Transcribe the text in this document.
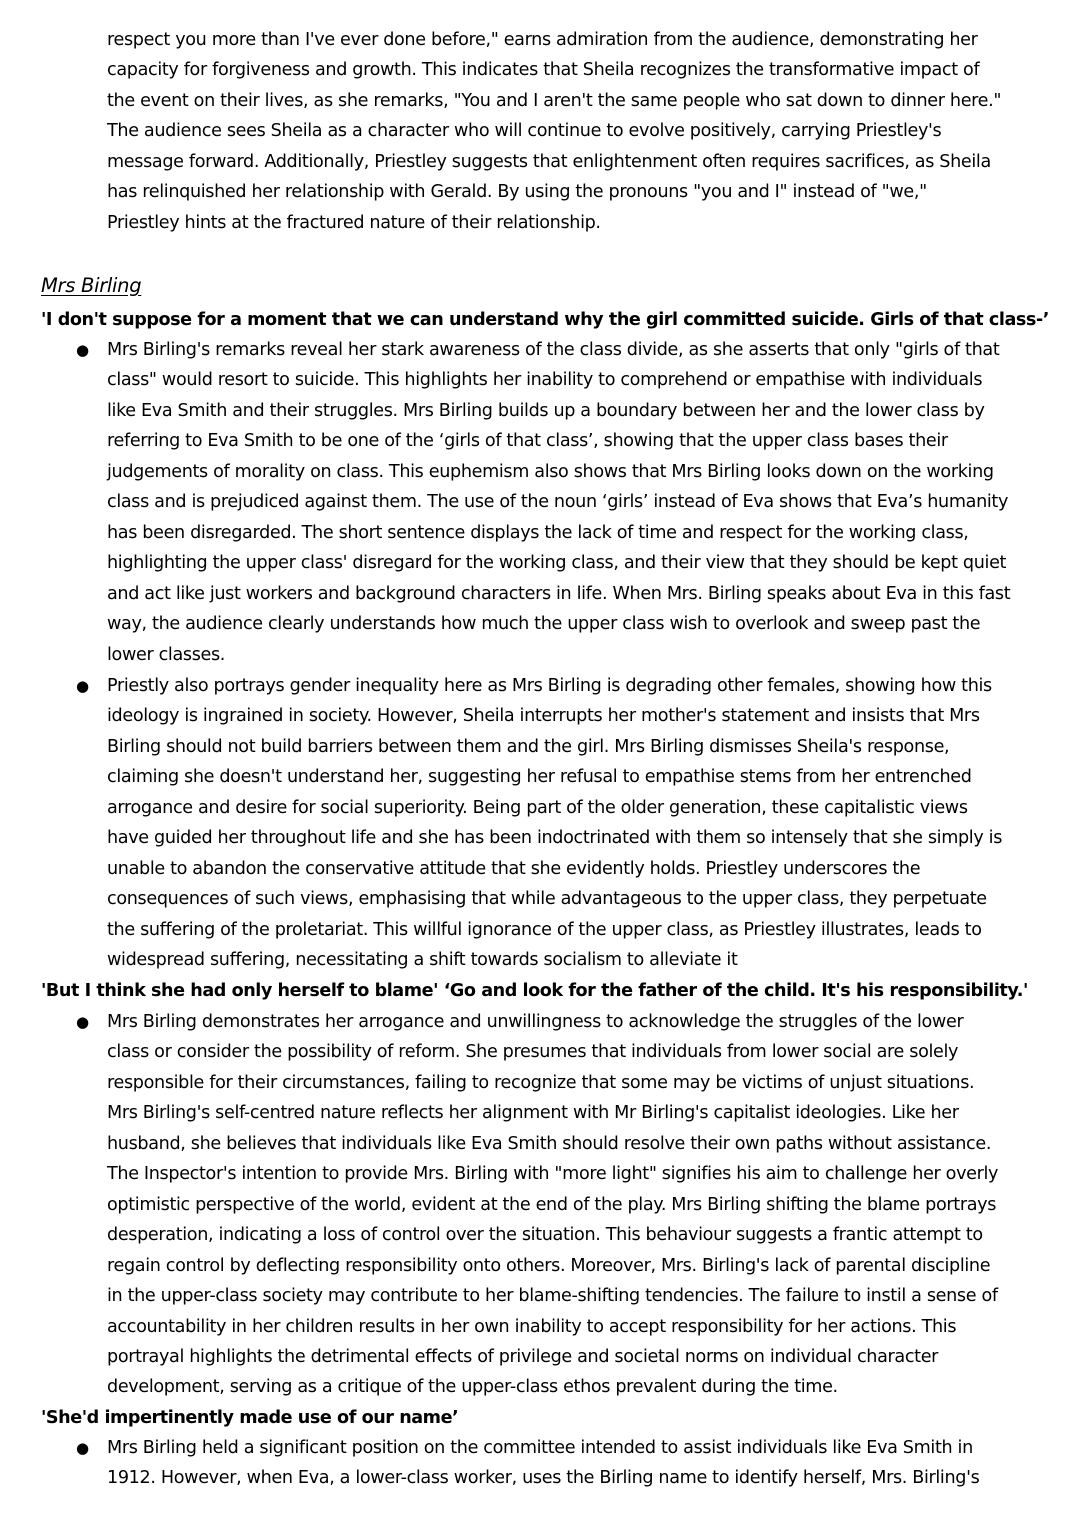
respect you more than I've ever done before," earns admiration from the audience, demonstrating her
capacity for forgiveness and growth. This indicates that Sheila recognizes the transformative impact of
the event on their lives, as she remarks, "You and I aren't the same people who sat down to dinner here."
The audience sees Sheila as a character who will continue to evolve positively, carrying Priestley's
message forward. Additionally, Priestley suggests that enlightenment often requires sacrifices, as Sheila
has relinquished her relationship with Gerald. By using the pronouns "you and I" instead of "we,"
Priestley hints at the fractured nature of their relationship.
Mrs Birling
'I don't suppose for a moment that we can understand why the girl committed suicide. Girls of that class-’
● Mrs Birling's remarks reveal her stark awareness of the class divide, as she asserts that only "girls of that
class" would resort to suicide. This highlights her inability to comprehend or empathise with individuals
like Eva Smith and their struggles. Mrs Birling builds up a boundary between her and the lower class by
referring to Eva Smith to be one of the ‘girls of that class’, showing that the upper class bases their
judgements of morality on class. This euphemism also shows that Mrs Birling looks down on the working
class and is prejudiced against them. The use of the noun ‘girls’ instead of Eva shows that Eva’s humanity
has been disregarded. The short sentence displays the lack of time and respect for the working class,
highlighting the upper class' disregard for the working class, and their view that they should be kept quiet
and act like just workers and background characters in life. When Mrs. Birling speaks about Eva in this fast
way, the audience clearly understands how much the upper class wish to overlook and sweep past the
lower classes.
● Priestly also portrays gender inequality here as Mrs Birling is degrading other females, showing how this
ideology is ingrained in society. However, Sheila interrupts her mother's statement and insists that Mrs
Birling should not build barriers between them and the girl. Mrs Birling dismisses Sheila's response,
claiming she doesn't understand her, suggesting her refusal to empathise stems from her entrenched
arrogance and desire for social superiority. Being part of the older generation, these capitalistic views
have guided her throughout life and she has been indoctrinated with them so intensely that she simply is
unable to abandon the conservative attitude that she evidently holds. Priestley underscores the
consequences of such views, emphasising that while advantageous to the upper class, they perpetuate
the suffering of the proletariat. This willful ignorance of the upper class, as Priestley illustrates, leads to
widespread suffering, necessitating a shift towards socialism to alleviate it
'But I think she had only herself to blame' ‘Go and look for the father of the child. It's his responsibility.'
● Mrs Birling demonstrates her arrogance and unwillingness to acknowledge the struggles of the lower
class or consider the possibility of reform. She presumes that individuals from lower social are solely
responsible for their circumstances, failing to recognize that some may be victims of unjust situations.
Mrs Birling's self-centred nature reflects her alignment with Mr Birling's capitalist ideologies. Like her
husband, she believes that individuals like Eva Smith should resolve their own paths without assistance.
The Inspector's intention to provide Mrs. Birling with "more light" signifies his aim to challenge her overly
optimistic perspective of the world, evident at the end of the play. Mrs Birling shifting the blame portrays
desperation, indicating a loss of control over the situation. This behaviour suggests a frantic attempt to
regain control by deflecting responsibility onto others. Moreover, Mrs. Birling's lack of parental discipline
in the upper-class society may contribute to her blame-shifting tendencies. The failure to instil a sense of
accountability in her children results in her own inability to accept responsibility for her actions. This
portrayal highlights the detrimental effects of privilege and societal norms on individual character
development, serving as a critique of the upper-class ethos prevalent during the time.
'She'd impertinently made use of our name’
● Mrs Birling held a significant position on the committee intended to assist individuals like Eva Smith in
1912. However, when Eva, a lower-class worker, uses the Birling name to identify herself, Mrs. Birling's
